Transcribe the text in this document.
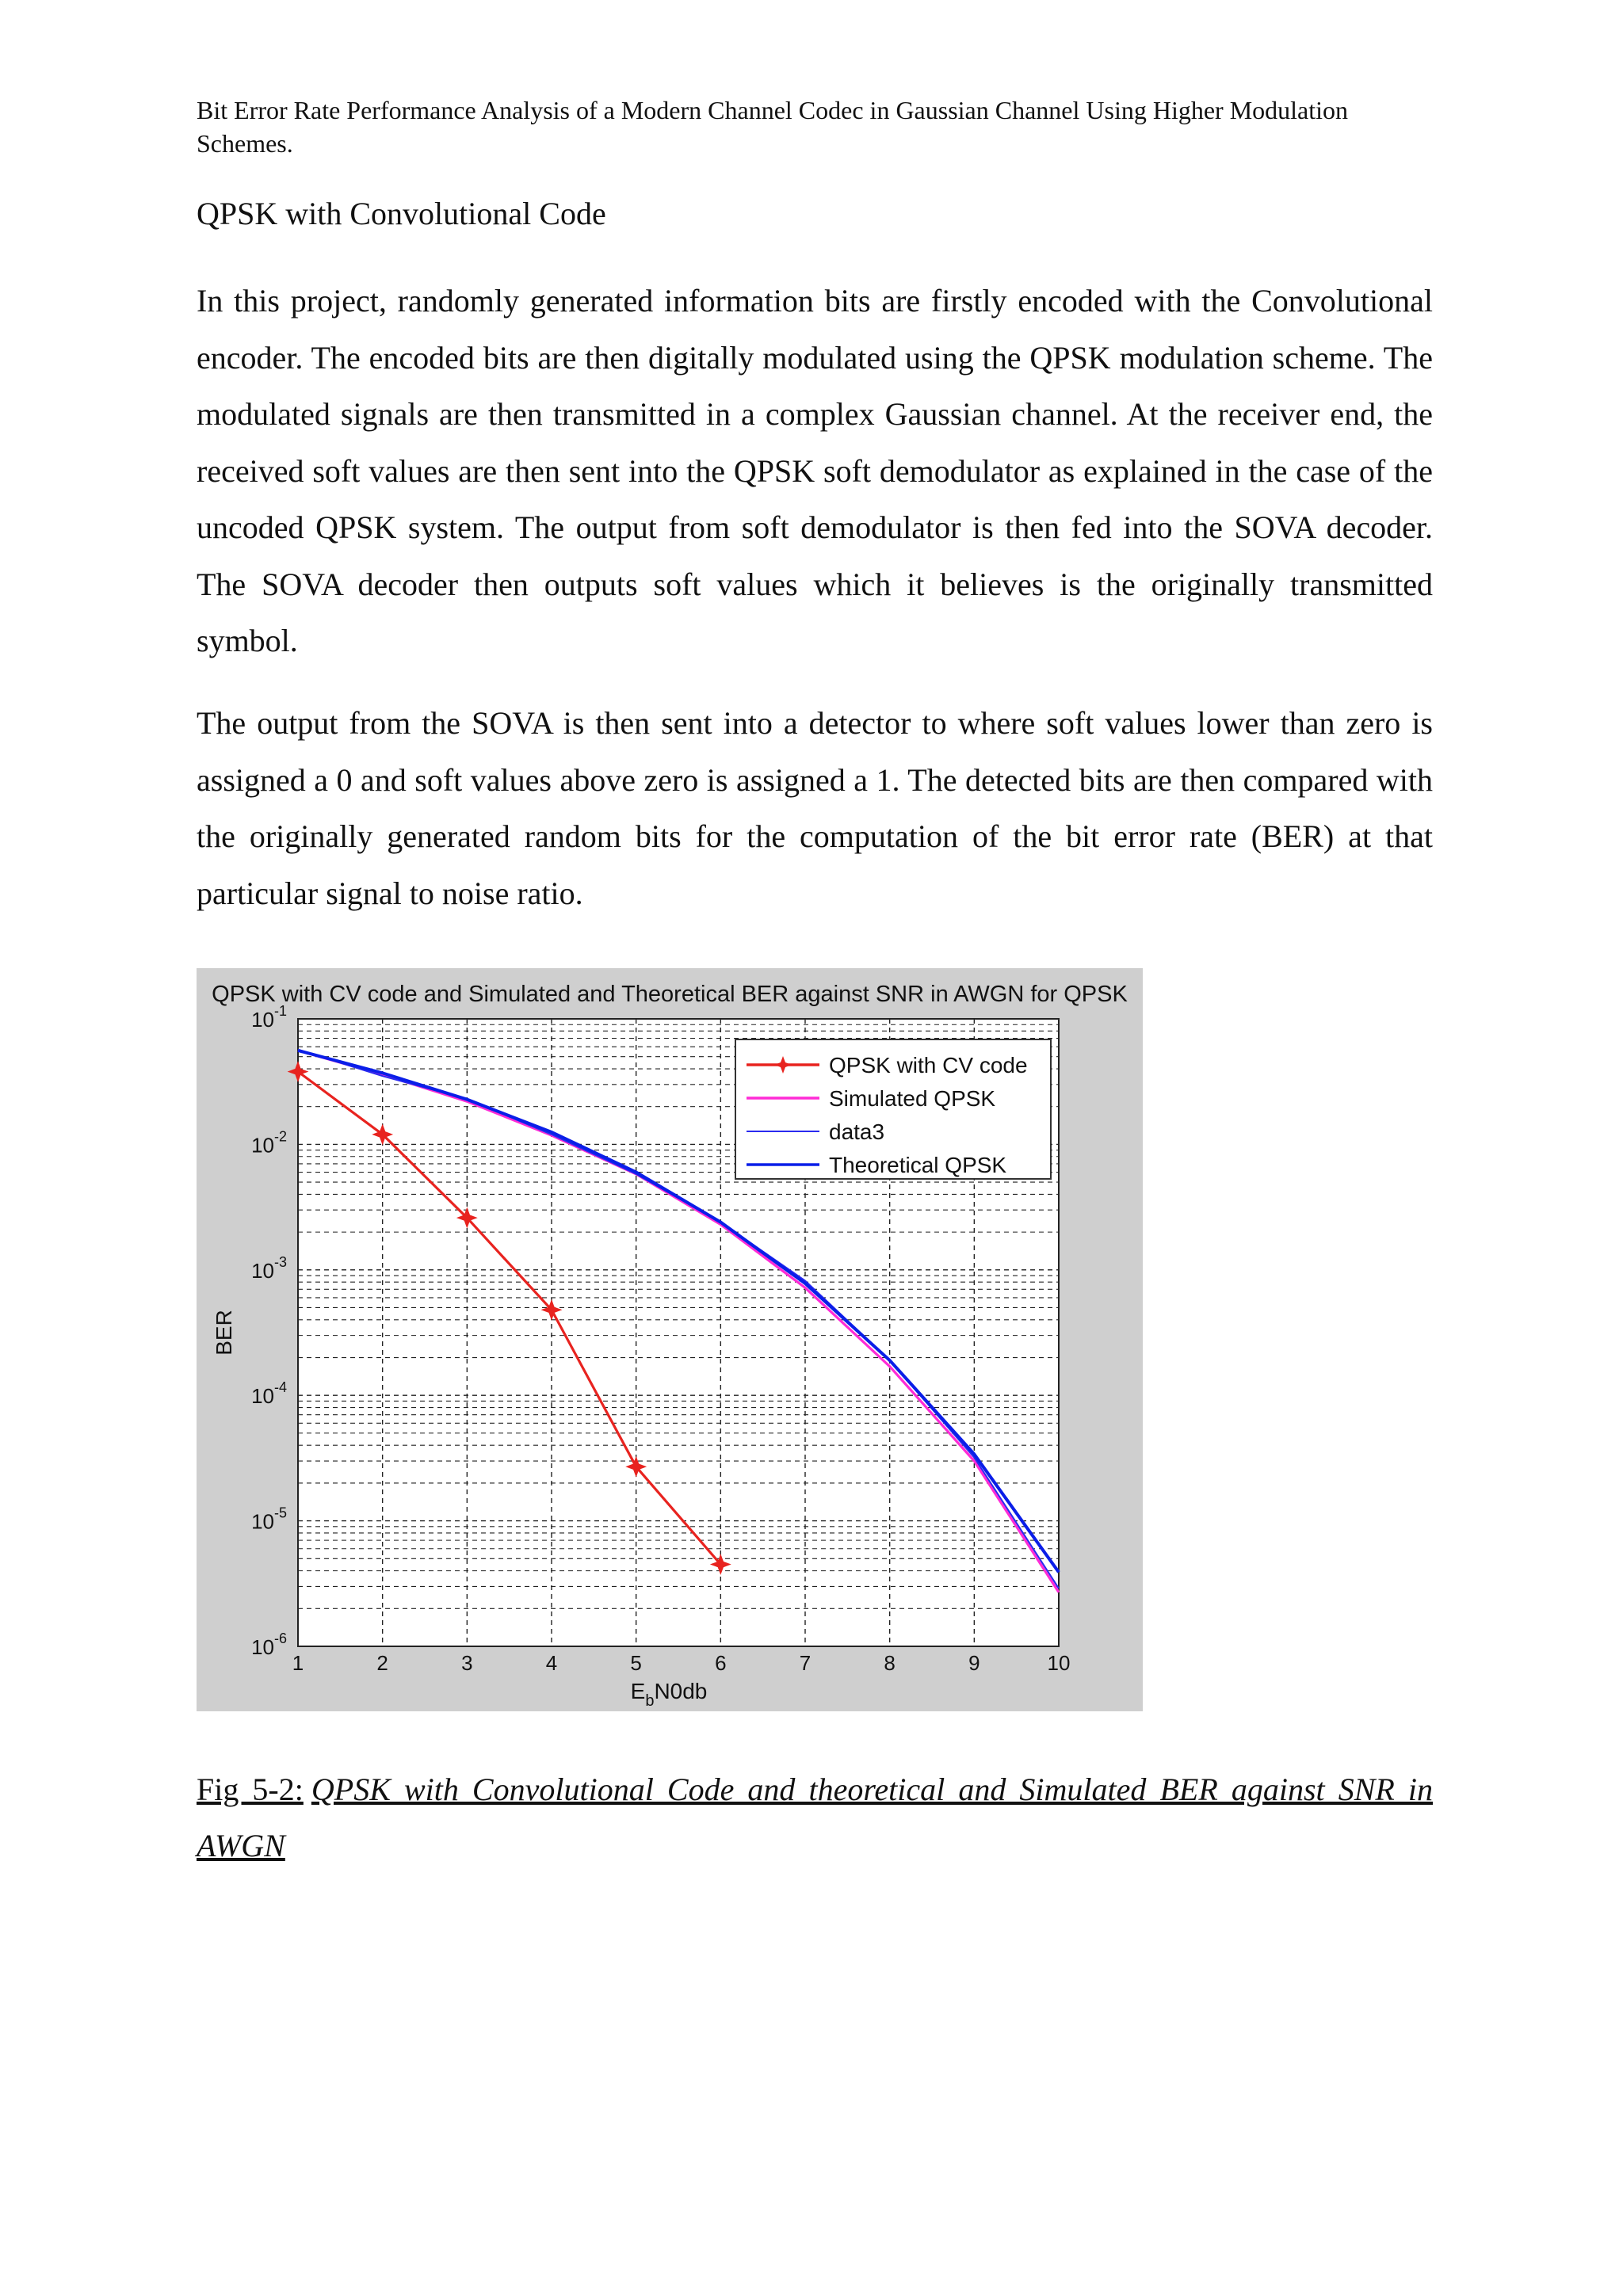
Bit Error Rate Performance Analysis of a Modern Channel Codec in Gaussian Channel Using Higher Modulation Schemes.
QPSK with Convolutional Code

In this project, randomly generated information bits are firstly encoded with the Convolutional encoder. The encoded bits are then digitally modulated using the QPSK modulation scheme. The modulated signals are then transmitted in a complex Gaussian channel. At the receiver end, the received soft values are then sent into the QPSK soft demodulator as explained in the case of the uncoded QPSK system. The output from soft demodulator is then fed into the SOVA decoder. The SOVA decoder then outputs soft values which it believes is the originally transmitted symbol.

The output from the SOVA is then sent into a detector to where soft values lower than zero is assigned a 0 and soft values above zero is assigned a 1. The detected bits are then compared with the originally generated random bits for the computation of the bit error rate (BER) at that particular signal to noise ratio.

QPSK with CV code and Simulated and Theoretical BER against SNR in AWGN for QPSK
1	2	3	4	5	6	7	8	9	10
$10^{-1}$
$10^{-2}$
$10^{-3}$
$10^{-4}$
$10^{-5}$
$10^{-6}$
BER
$E_bN0db$
QPSK with CV code
Simulated QPSK
data3
Theoretical QPSK
Fig 5-2: QPSK with Convolutional Code and theoretical and Simulated BER against SNR in AWGN
